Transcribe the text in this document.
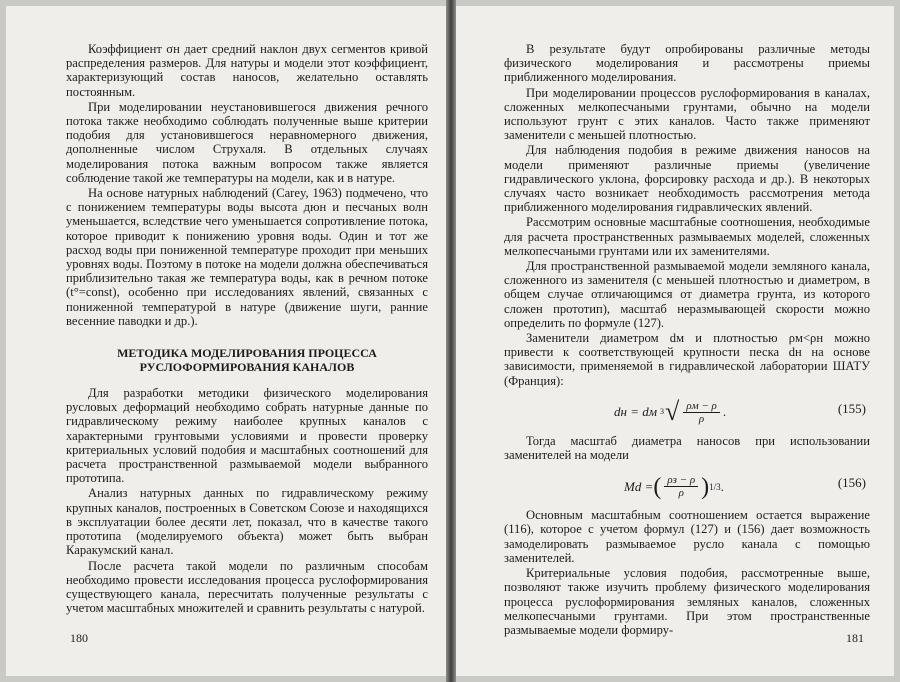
Коэффициент σн дает средний наклон двух сегментов кривой распределения размеров. Для натуры и модели этот коэффициент, характеризующий состав наносов, желательно оставлять постоянным.

При моделировании неустановившегося движения речного потока также необходимо соблюдать полученные выше критерии подобия для установившегося неравномерного движения, дополненные числом Струхаля. В отдельных случаях моделирования потока важным вопросом также является соблюдение такой же температуры на модели, как и в натуре.

На основе натурных наблюдений (Carey, 1963) подмечено, что с понижением температуры воды высота дюн и песчаных волн уменьшается, вследствие чего уменьшается сопротивление потока, которое приводит к понижению уровня воды. Один и тот же расход воды при пониженной температуре проходит при меньших уровнях воды. Поэтому в потоке на модели должна обеспечиваться приблизительно такая же температура воды, как в речном потоке (t°=const), особенно при исследованиях явлений, связанных с пониженной температурой в натуре (движение шуги, ранние весенние паводки и др.).

МЕТОДИКА МОДЕЛИРОВАНИЯ ПРОЦЕССА
РУСЛОФОРМИРОВАНИЯ КАНАЛОВ

Для разработки методики физического моделирования русловых деформаций необходимо собрать натурные данные по гидравлическому режиму наиболее крупных каналов с характерными грунтовыми условиями и провести проверку критериальных условий подобия и масштабных соотношений для расчета пространственной размываемой модели выбранного прототипа.

Анализ натурных данных по гидравлическому режиму крупных каналов, построенных в Советском Союзе и находящихся в эксплуатации более десяти лет, показал, что в качестве такого прототипа (моделируемого объекта) может быть выбран Каракумский канал.

После расчета такой модели по различным способам необходимо провести исследования процесса руслоформирования существующего канала, пересчитать полученные результаты с учетом масштабных множителей и сравнить результаты с натурой.

180

В результате будут опробированы различные методы физического моделирования и рассмотрены приемы приближенного моделирования.

При моделировании процессов руслоформирования в каналах, сложенных мелкопесчаными грунтами, обычно на модели используют грунт с этих каналов. Часто также применяют заменители с меньшей плотностью.

Для наблюдения подобия в режиме движения наносов на модели применяют различные приемы (увеличение гидравлического уклона, форсировку расхода и др.). В некоторых случаях часто возникает необходимость рассмотрения метода приближенного моделирования гидравлических явлений.

Рассмотрим основные масштабные соотношения, необходимые для расчета пространственных размываемых моделей, сложенных мелкопесчаными грунтами или их заменителями.

Для пространственной размываемой модели земляного канала, сложенного из заменителя (с меньшей плотностью и диаметром, в общем случае отличающимся от диаметра грунта, из которого сложен прототип), масштаб неразмывающей скорости можно определить по формуле (127).

Заменители диаметром dм и плотностью ρм<ρн можно привести к соответствующей крупности песка dн на основе зависимости, применяемой в гидравлической лаборатории ШАТУ (Франция):

dн = dм 3 √ $\frac{\rho м - \rho}{\rho}$ .	(155)

Тогда масштаб диаметра наносов при использовании заменителей на модели

Md = ( $\frac{\rho з - \rho}{\rho}$ ) 1/3 .	(156)

Основным масштабным соотношением остается выражение (116), которое с учетом формул (127) и (156) дает возможность замоделировать размываемое русло канала с помощью заменителей.

Критериальные условия подобия, рассмотренные выше, позволяют также изучить проблему физического моделирования процесса руслоформирования земляных каналов, сложенных мелкопесчаными грунтами. При этом пространственные размываемые модели формиру-

181
